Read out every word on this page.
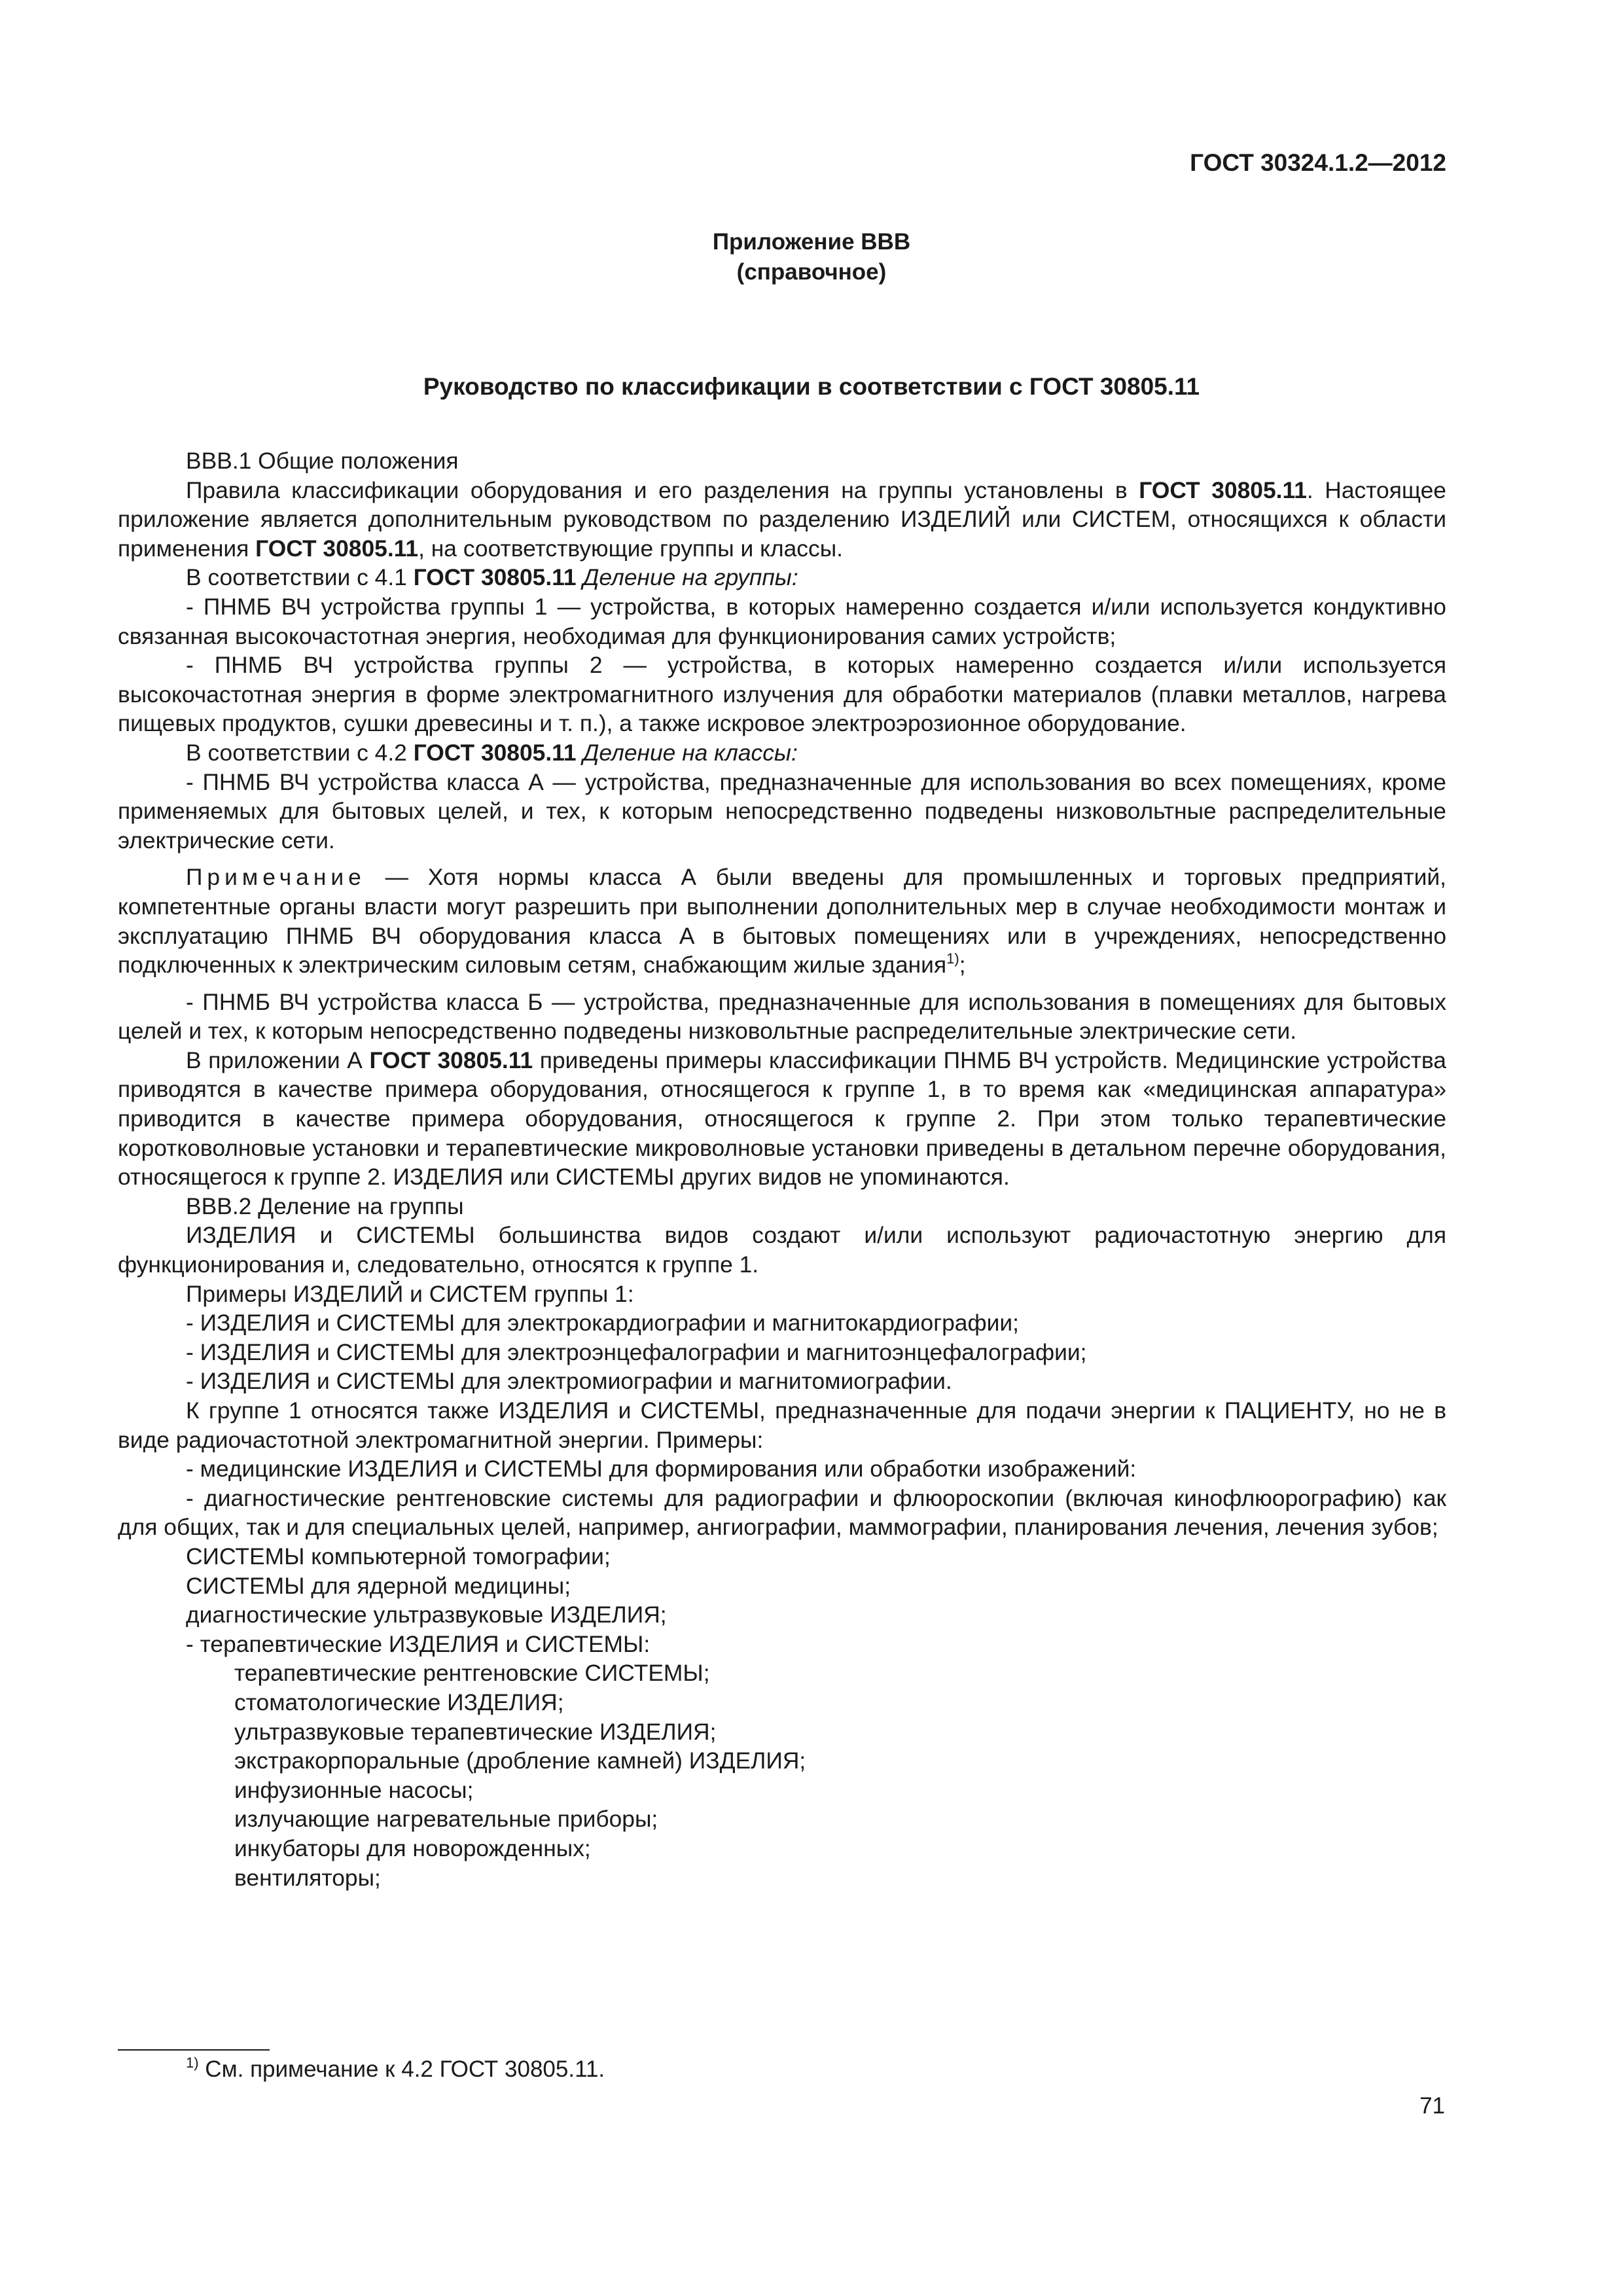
ГОСТ 30324.1.2—2012
Приложение ВВВ
(справочное)
Руководство по классификации в соответствии с ГОСТ 30805.11

ВВВ.1 Общие положения

Правила классификации оборудования и его разделения на группы установлены в ГОСТ 30805.11. Настоящее приложение является дополнительным руководством по разделению ИЗДЕЛИЙ или СИСТЕМ, относящихся к области применения ГОСТ 30805.11, на соответствующие группы и классы.

В соответствии с 4.1 ГОСТ 30805.11 Деление на группы:

- ПНМБ ВЧ устройства группы 1 — устройства, в которых намеренно создается и/или используется кондуктивно связанная высокочастотная энергия, необходимая для функционирования самих устройств;

- ПНМБ ВЧ устройства группы 2 — устройства, в которых намеренно создается и/или используется высокочастотная энергия в форме электромагнитного излучения для обработки материалов (плавки металлов, нагрева пищевых продуктов, сушки древесины и т. п.), а также искровое электроэрозионное оборудование.

В соответствии с 4.2 ГОСТ 30805.11 Деление на классы:

- ПНМБ ВЧ устройства класса А — устройства, предназначенные для использования во всех помещениях, кроме применяемых для бытовых целей, и тех, к которым непосредственно подведены низковольтные распределительные электрические сети.

Примечание — Хотя нормы класса А были введены для промышленных и торговых предприятий, компетентные органы власти могут разрешить при выполнении дополнительных мер в случае необходимости монтаж и эксплуатацию ПНМБ ВЧ оборудования класса А в бытовых помещениях или в учреждениях, непосредственно подключенных к электрическим силовым сетям, снабжающим жилые здания$^{1)}$;

- ПНМБ ВЧ устройства класса Б — устройства, предназначенные для использования в помещениях для бытовых целей и тех, к которым непосредственно подведены низковольтные распределительные электрические сети.

В приложении А ГОСТ 30805.11 приведены примеры классификации ПНМБ ВЧ устройств. Медицинские устройства приводятся в качестве примера оборудования, относящегося к группе 1, в то время как «медицинская аппаратура» приводится в качестве примера оборудования, относящегося к группе 2. При этом только терапевтические коротковолновые установки и терапевтические микроволновые установки приведены в детальном перечне оборудования, относящегося к группе 2. ИЗДЕЛИЯ или СИСТЕМЫ других видов не упоминаются.

ВВВ.2 Деление на группы

ИЗДЕЛИЯ и СИСТЕМЫ большинства видов создают и/или используют радиочастотную энергию для функционирования и, следовательно, относятся к группе 1.

Примеры ИЗДЕЛИЙ и СИСТЕМ группы 1:

- ИЗДЕЛИЯ и СИСТЕМЫ для электрокардиографии и магнитокардиографии;

- ИЗДЕЛИЯ и СИСТЕМЫ для электроэнцефалографии и магнитоэнцефалографии;

- ИЗДЕЛИЯ и СИСТЕМЫ для электромиографии и магнитомиографии.

К группе 1 относятся также ИЗДЕЛИЯ и СИСТЕМЫ, предназначенные для подачи энергии к ПАЦИЕНТУ, но не в виде радиочастотной электромагнитной энергии. Примеры:

- медицинские ИЗДЕЛИЯ и СИСТЕМЫ для формирования или обработки изображений:

- диагностические рентгеновские системы для радиографии и флюороскопии (включая кинофлюорографию) как для общих, так и для специальных целей, например, ангиографии, маммографии, планирования лечения, лечения зубов;

СИСТЕМЫ компьютерной томографии;

СИСТЕМЫ для ядерной медицины;

диагностические ультразвуковые ИЗДЕЛИЯ;

- терапевтические ИЗДЕЛИЯ и СИСТЕМЫ:

терапевтические рентгеновские СИСТЕМЫ;

стоматологические ИЗДЕЛИЯ;

ультразвуковые терапевтические ИЗДЕЛИЯ;

экстракорпоральные (дробление камней) ИЗДЕЛИЯ;

инфузионные насосы;

излучающие нагревательные приборы;

инкубаторы для новорожденных;

вентиляторы;

$^{1)}$ См. примечание к 4.2 ГОСТ 30805.11.
71
